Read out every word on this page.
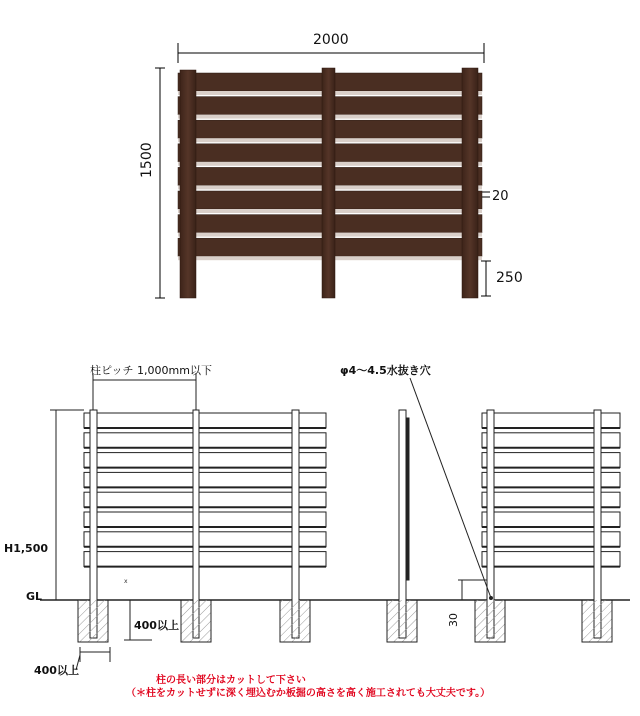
x
2000
1500
20
250
柱ピッチ 1,000mm以下	φ4〜4.5水抜き穴
H1,500
GL
400以上
400以上
30
柱の長い部分はカットして下さい
（＊柱をカットせずに深く埋込むか板掘の高さを高く施工されても大丈夫です。）
